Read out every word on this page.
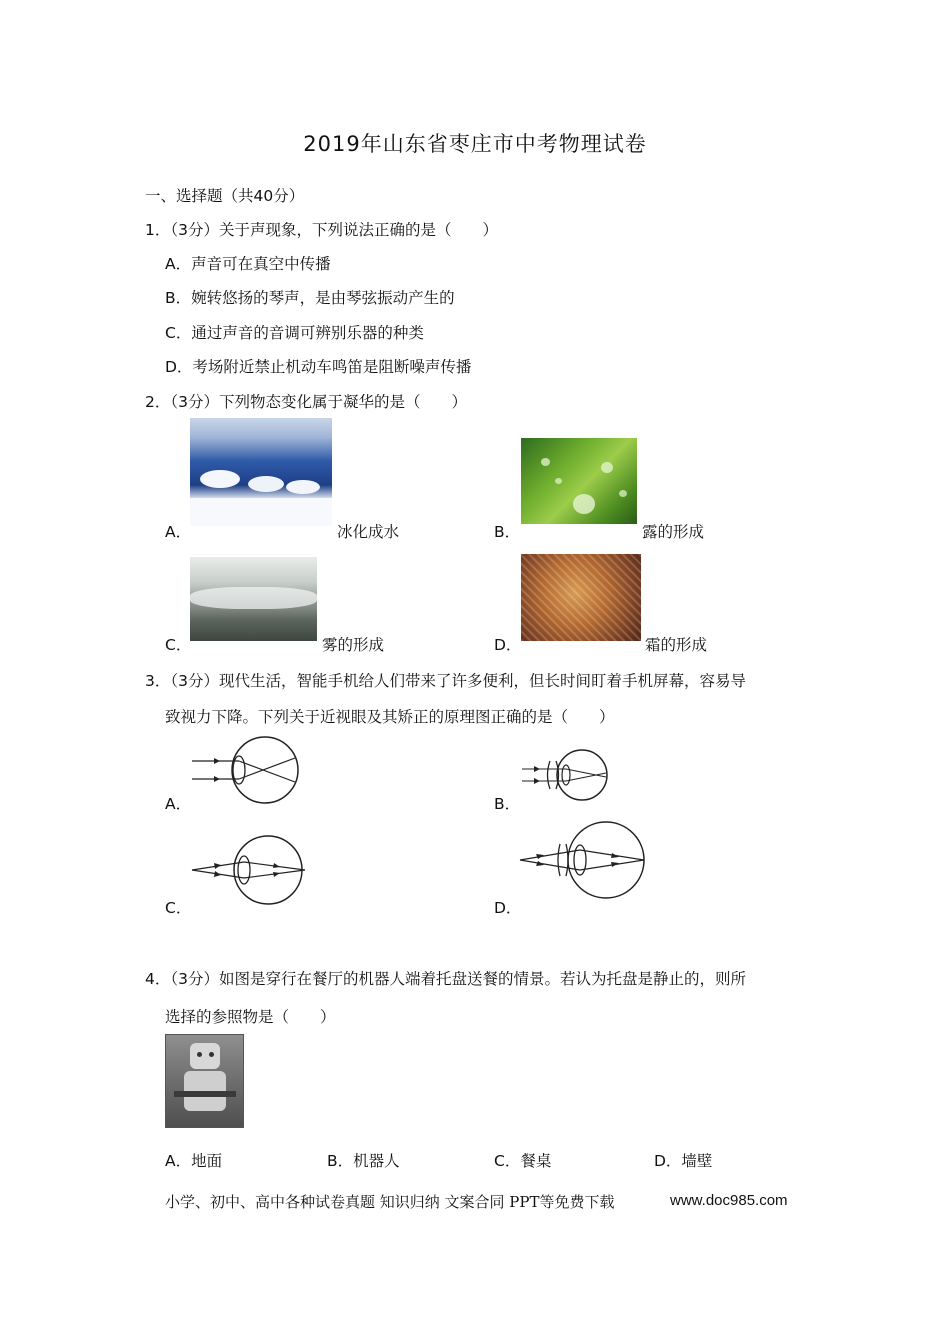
2019年山东省枣庄市中考物理试卷
一、选择题（共40分）
1．（3分）关于声现象，下列说法正确的是（　　）
A．声音可在真空中传播
B．婉转悠扬的琴声，是由琴弦振动产生的
C．通过声音的音调可辨别乐器的种类
D．考场附近禁止机动车鸣笛是阻断噪声传播
2．（3分）下列物态变化属于凝华的是（　　）
A．	冰化成水	B．	露的形成
C．	雾的形成	D．	霜的形成
3．（3分）现代生活，智能手机给人们带来了许多便利，但长时间盯着手机屏幕，容易导
致视力下降。下列关于近视眼及其矫正的原理图正确的是（　　）
A．	B．
C．	D．
4．（3分）如图是穿行在餐厅的机器人端着托盘送餐的情景。若认为托盘是静止的，则所
选择的参照物是（　　）
A．地面	B．机器人	C．餐桌	D．墙壁
小学、初中、高中各种试卷真题 知识归纳 文案合同 PPT等免费下载	www.doc985.com
